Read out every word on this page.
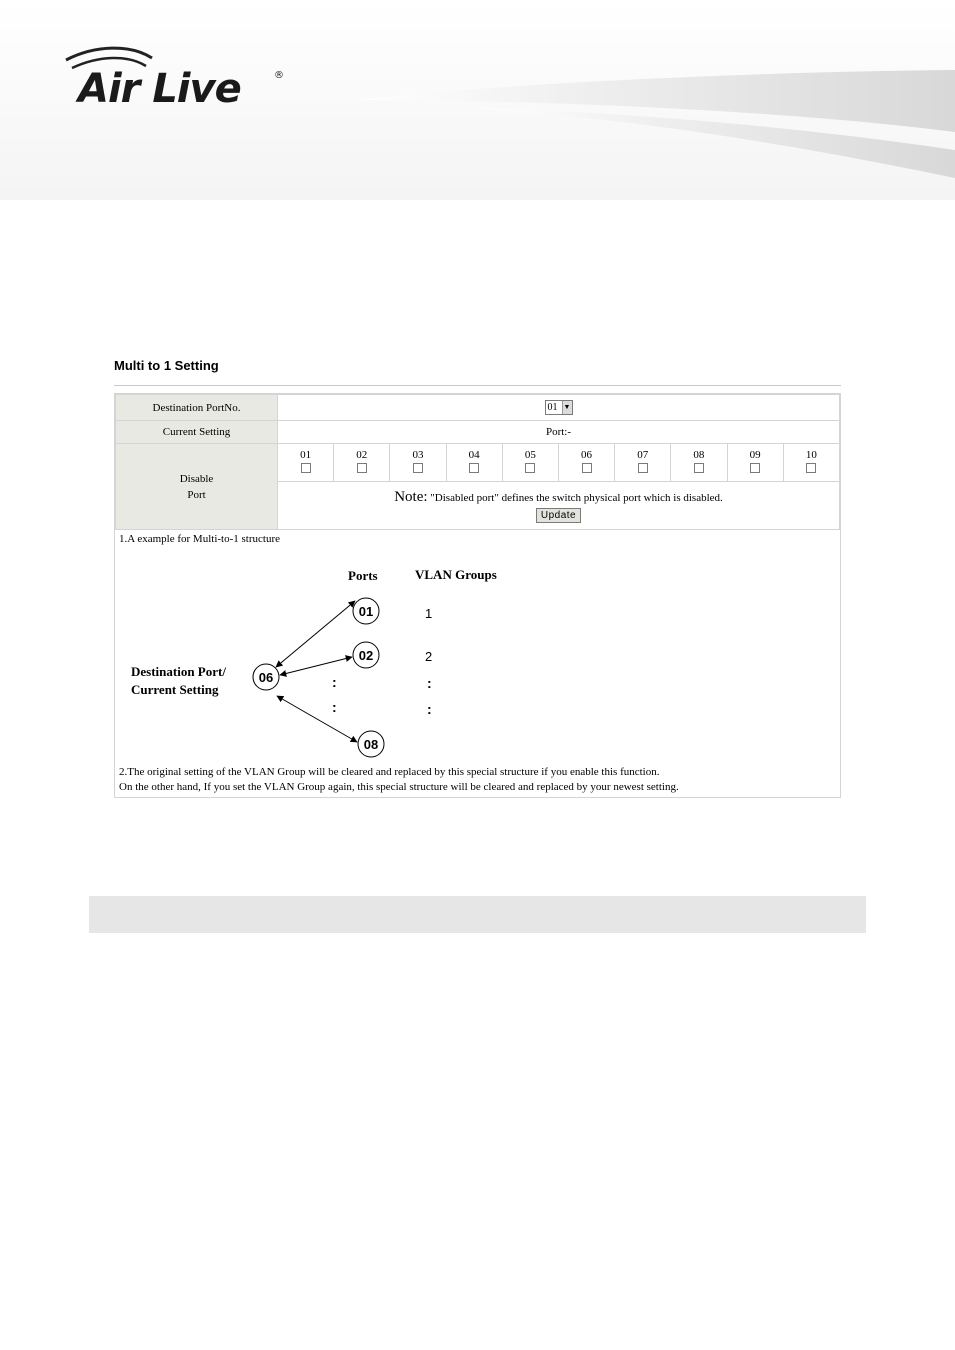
Air Live	®
Multi to 1 Setting
Destination PortNo.	01 ▼									

Current Setting	Port:-									

Disable
Port	01	02	03	04	05	06	07	08	09	10

	Note: "Disabled port" defines the switch physical port which is disabled.
Update									
1.A example for Multi-to-1 structure
Ports	VLAN Groups
Destination Port/
Current Setting
06
01
02
08
:
:
1
2
:
:
2.The original setting of the VLAN Group will be cleared and replaced by this special structure if you enable this function.
On the other hand, If you set the VLAN Group again, this special structure will be cleared and replaced by your newest setting.
